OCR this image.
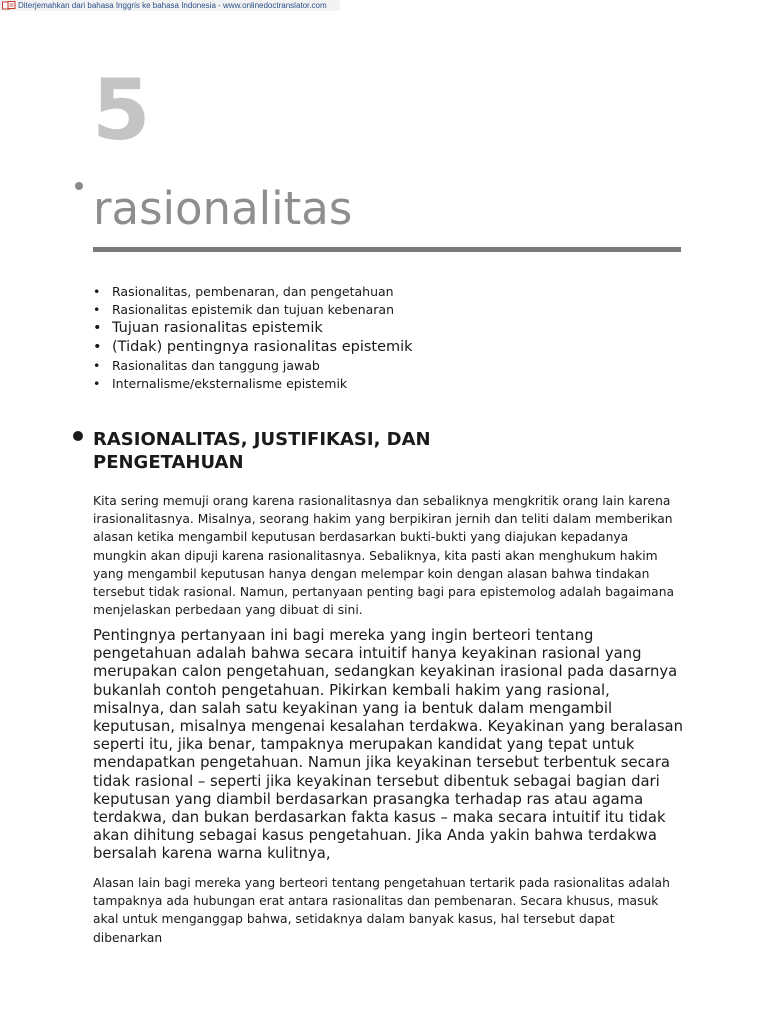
Diterjemahkan dari bahasa Inggris ke bahasa Indonesia - www.onlinedoctranslator.com
5
rasionalitas
• Rasionalitas, pembenaran, dan pengetahuan
• Rasionalitas epistemik dan tujuan kebenaran
• Tujuan rasionalitas epistemik
• (Tidak) pentingnya rasionalitas epistemik
• Rasionalitas dan tanggung jawab
• Internalisme/eksternalisme epistemik
RASIONALITAS, JUSTIFIKASI, DAN PENGETAHUAN

Kita sering memuji orang karena rasionalitasnya dan sebaliknya mengkritik orang lain karena irasionalitasnya. Misalnya, seorang hakim yang berpikiran jernih dan teliti dalam memberikan alasan ketika mengambil keputusan berdasarkan bukti-bukti yang diajukan kepadanya mungkin akan dipuji karena rasionalitasnya. Sebaliknya, kita pasti akan menghukum hakim yang mengambil keputusan hanya dengan melempar koin dengan alasan bahwa tindakan tersebut tidak rasional. Namun, pertanyaan penting bagi para epistemolog adalah bagaimana menjelaskan perbedaan yang dibuat di sini.

Pentingnya pertanyaan ini bagi mereka yang ingin berteori tentang pengetahuan adalah bahwa secara intuitif hanya keyakinan rasional yang merupakan calon pengetahuan, sedangkan keyakinan irasional pada dasarnya bukanlah contoh pengetahuan. Pikirkan kembali hakim yang rasional, misalnya, dan salah satu keyakinan yang ia bentuk dalam mengambil keputusan, misalnya mengenai kesalahan terdakwa. Keyakinan yang beralasan seperti itu, jika benar, tampaknya merupakan kandidat yang tepat untuk mendapatkan pengetahuan. Namun jika keyakinan tersebut terbentuk secara tidak rasional – seperti jika keyakinan tersebut dibentuk sebagai bagian dari keputusan yang diambil berdasarkan prasangka terhadap ras atau agama terdakwa, dan bukan berdasarkan fakta kasus – maka secara intuitif itu tidak akan dihitung sebagai kasus pengetahuan. Jika Anda yakin bahwa terdakwa bersalah karena warna kulitnya,

Alasan lain bagi mereka yang berteori tentang pengetahuan tertarik pada rasionalitas adalah tampaknya ada hubungan erat antara rasionalitas dan pembenaran. Secara khusus, masuk akal untuk menganggap bahwa, setidaknya dalam banyak kasus, hal tersebut dapat dibenarkan
